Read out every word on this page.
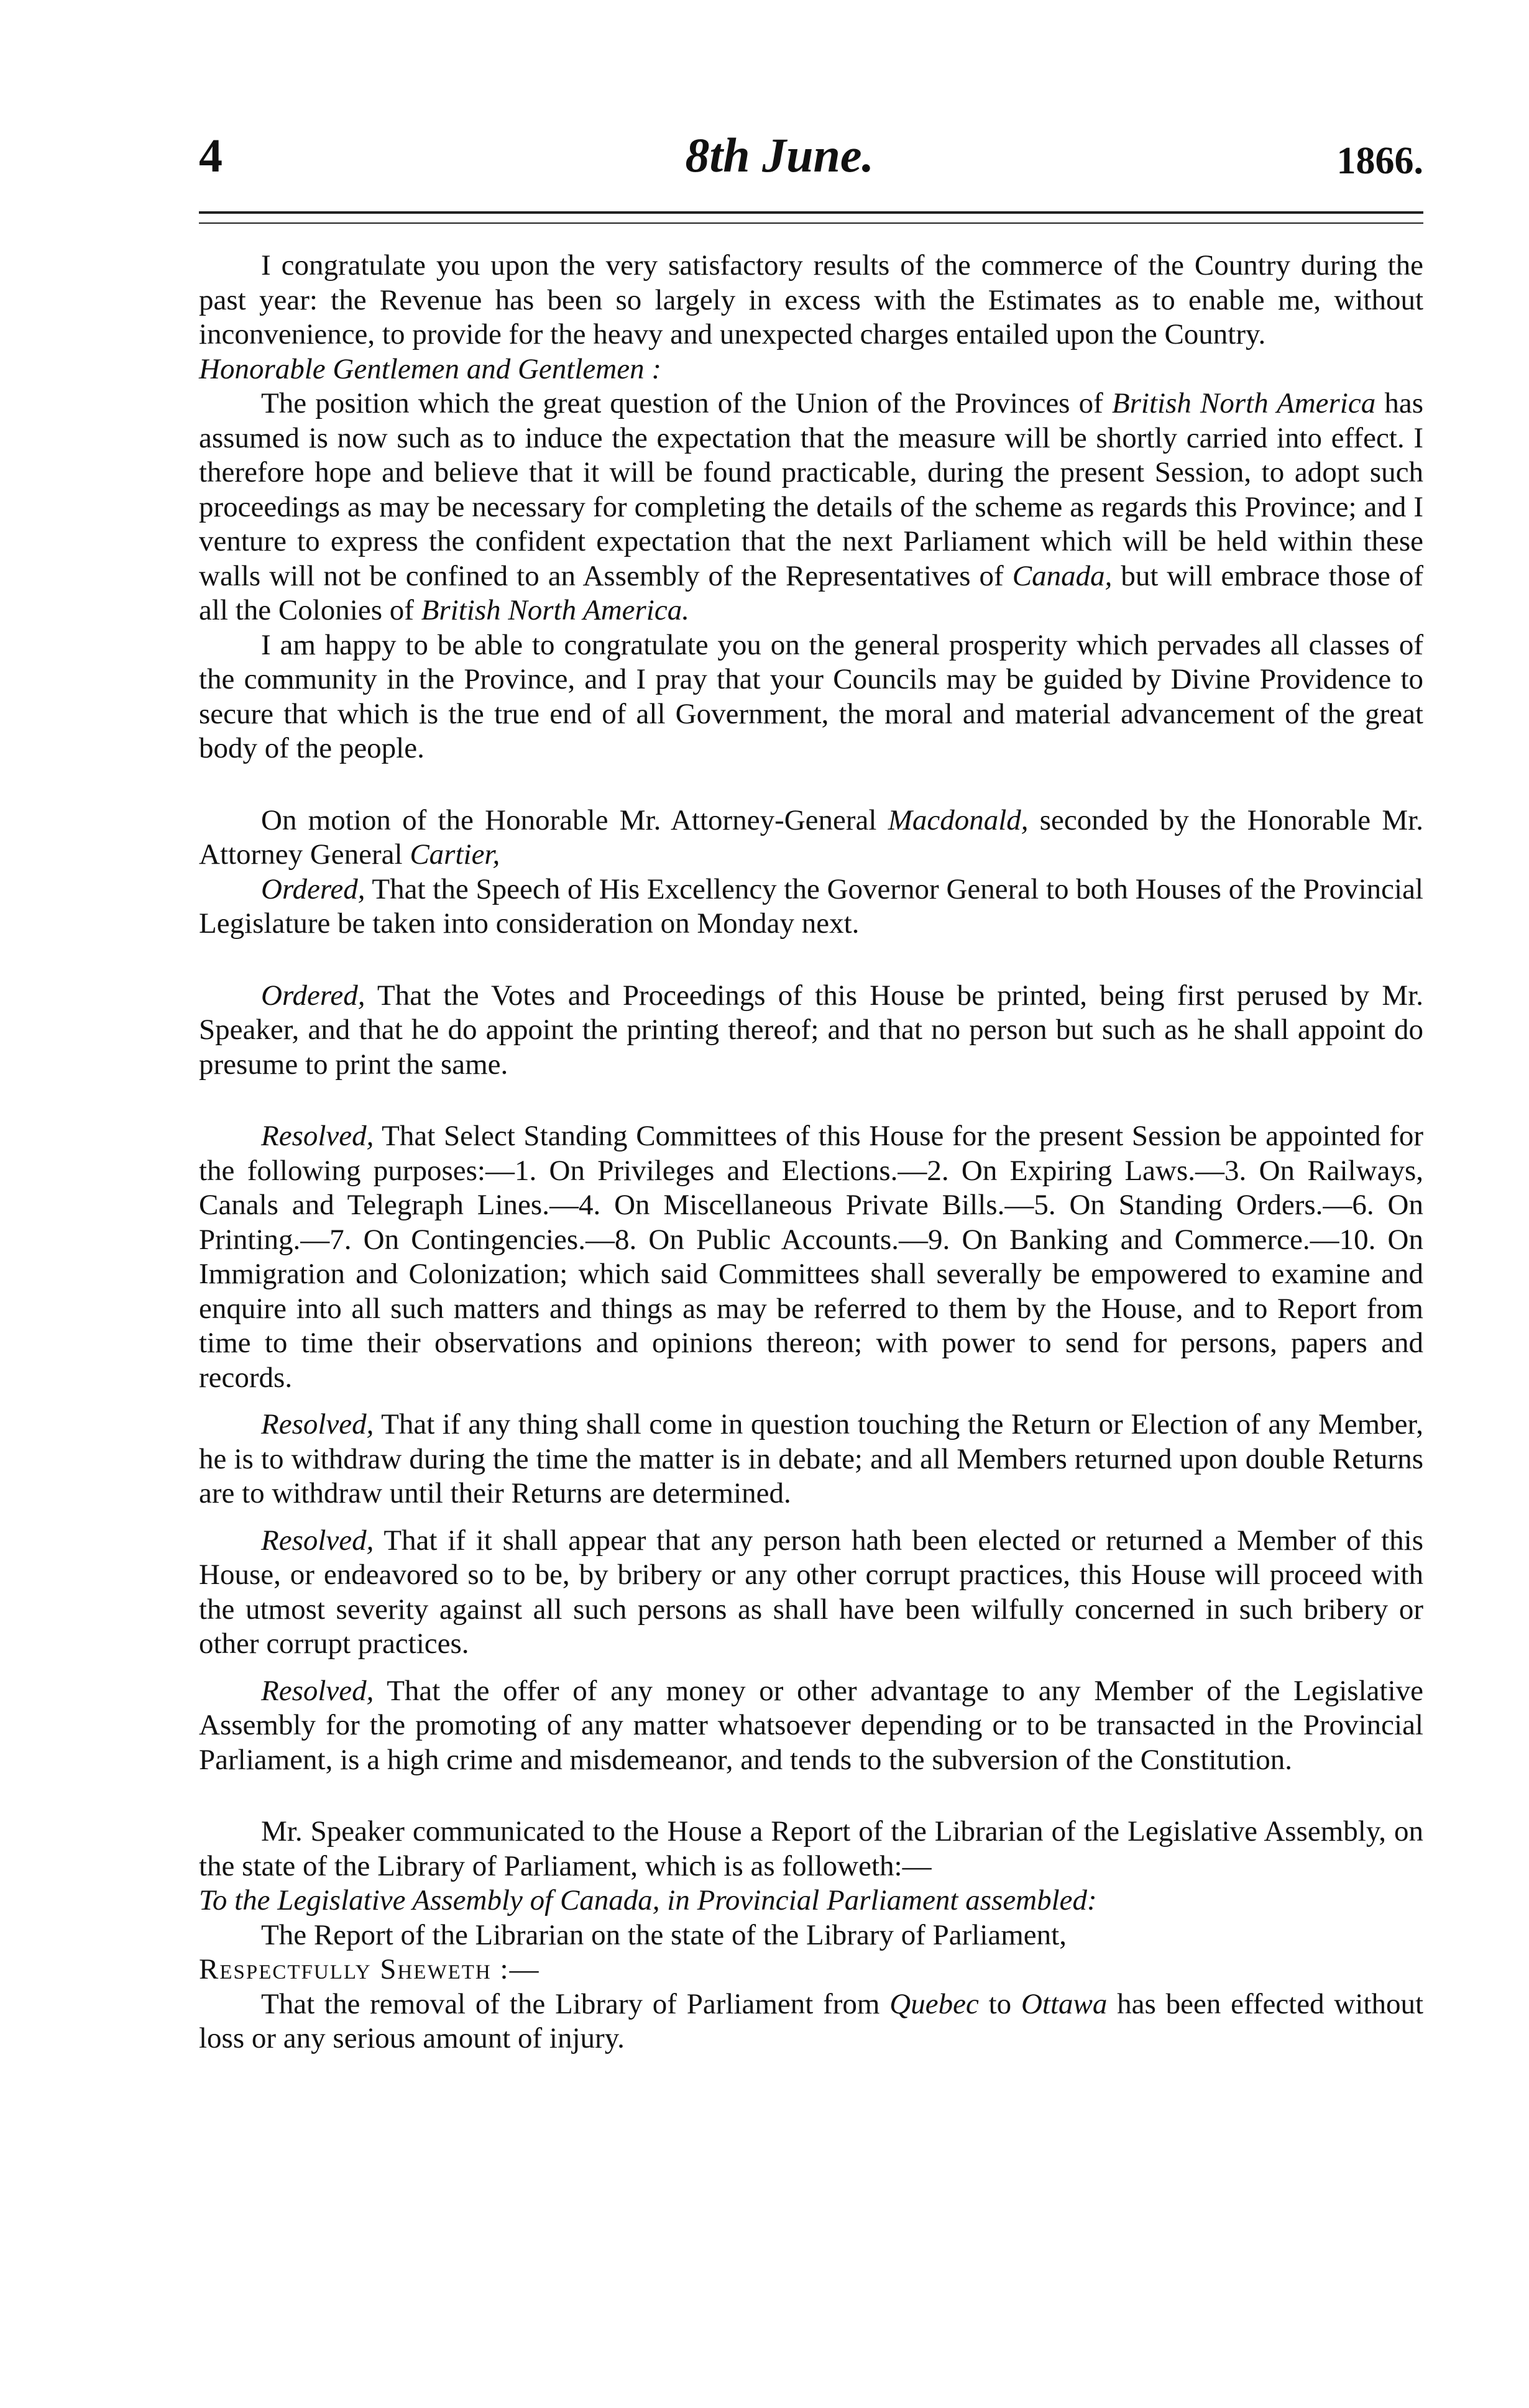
4	8th June.	1866.

I congratulate you upon the very satisfactory results of the commerce of the Country during the past year: the Revenue has been so largely in excess with the Estimates as to enable me, without inconvenience, to provide for the heavy and unexpected charges entailed upon the Country.

Honorable Gentlemen and Gentlemen :

The position which the great question of the Union of the Provinces of British North America has assumed is now such as to induce the expectation that the measure will be shortly carried into effect. I therefore hope and believe that it will be found practicable, during the present Session, to adopt such proceedings as may be necessary for completing the details of the scheme as regards this Province; and I venture to express the confident expectation that the next Parliament which will be held within these walls will not be confined to an Assembly of the Representatives of Canada, but will embrace those of all the Colonies of British North America.

I am happy to be able to congratulate you on the general prosperity which pervades all classes of the community in the Province, and I pray that your Councils may be guided by Divine Providence to secure that which is the true end of all Government, the moral and material advancement of the great body of the people.

On motion of the Honorable Mr. Attorney-General Macdonald, seconded by the Honorable Mr. Attorney General Cartier,

Ordered, That the Speech of His Excellency the Governor General to both Houses of the Provincial Legislature be taken into consideration on Monday next.

Ordered, That the Votes and Proceedings of this House be printed, being first perused by Mr. Speaker, and that he do appoint the printing thereof; and that no person but such as he shall appoint do presume to print the same.

Resolved, That Select Standing Committees of this House for the present Session be appointed for the following purposes:—1. On Privileges and Elections.—2. On Expiring Laws.—3. On Railways, Canals and Telegraph Lines.—4. On Miscellaneous Private Bills.—5. On Standing Orders.—6. On Printing.—7. On Contingencies.—8. On Public Accounts.—9. On Banking and Commerce.—10. On Immigration and Colonization; which said Committees shall severally be empowered to examine and enquire into all such matters and things as may be referred to them by the House, and to Report from time to time their observations and opinions thereon; with power to send for persons, papers and records.

Resolved, That if any thing shall come in question touching the Return or Election of any Member, he is to withdraw during the time the matter is in debate; and all Members returned upon double Returns are to withdraw until their Returns are determined.

Resolved, That if it shall appear that any person hath been elected or returned a Member of this House, or endeavored so to be, by bribery or any other corrupt practices, this House will proceed with the utmost severity against all such persons as shall have been wilfully concerned in such bribery or other corrupt practices.

Resolved, That the offer of any money or other advantage to any Member of the Legislative Assembly for the promoting of any matter whatsoever depending or to be transacted in the Provincial Parliament, is a high crime and misdemeanor, and tends to the subversion of the Constitution.

Mr. Speaker communicated to the House a Report of the Librarian of the Legislative Assembly, on the state of the Library of Parliament, which is as followeth:—

To the Legislative Assembly of Canada, in Provincial Parliament assembled:

The Report of the Librarian on the state of the Library of Parliament,

Respectfully Sheweth :—

That the removal of the Library of Parliament from Quebec to Ottawa has been effected without loss or any serious amount of injury.
